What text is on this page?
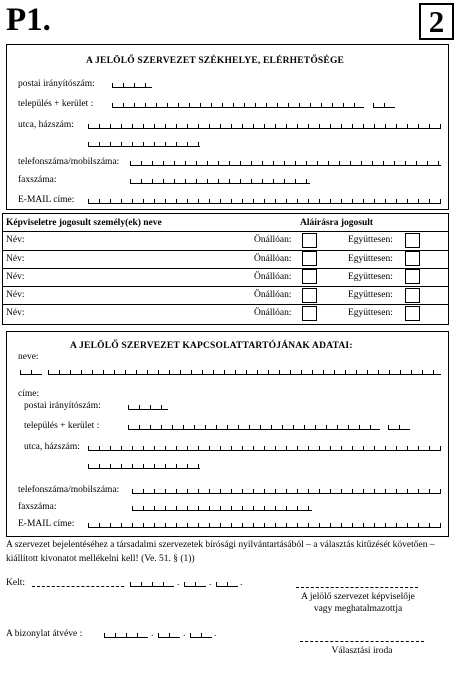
P1.	2
A JELÖLŐ SZERVEZET SZÉKHELYE, ELÉRHETŐSÉGE
postai irányítószám:
település + kerület :
utca, házszám:
telefonszáma/mobilszáma:
faxszáma:
E-MAIL címe:
Képviseletre jogosult személy(ek) neve	Aláírásra jogosult
Név:	Önállóan:	Együttesen:
Név:	Önállóan:	Együttesen:
Név:	Önállóan:	Együttesen:
Név:	Önállóan:	Együttesen:
Név:	Önállóan:	Együttesen:
A JELÖLŐ SZERVEZET KAPCSOLATTARTÓJÁNAK ADATAI:
neve:
címe:
postai irányítószám:
település + kerület :
utca, házszám:
telefonszáma/mobilszáma:
faxszáma:
E-MAIL címe:
A szervezet bejelentéséhez a társadalmi szervezetek bírósági nyilvántartásából – a választás kitűzését követően – kiállított kivonatot mellékelni kell! (Ve. 51. § (1))
Kelt:	.	.	.
A jelölő szervezet képviselője
vagy meghatalmazottja
A bizonylat átvéve :	.	.	.
Választási iroda
